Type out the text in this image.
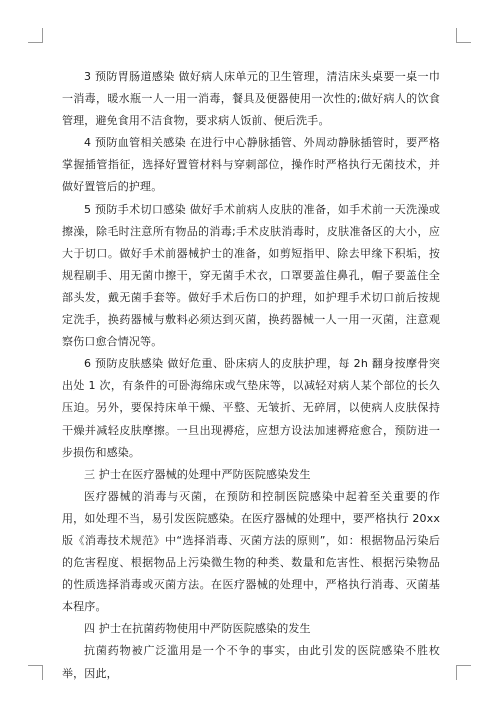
3 预防胃肠道感染 做好病人床单元的卫生管理，清洁床头桌要一桌一巾一消毒，暖水瓶一人一用一消毒，餐具及便器使用一次性的;做好病人的饮食管理，避免食用不洁食物，要求病人饭前、便后洗手。

4 预防血管相关感染 在进行中心静脉插管、外周动静脉插管时，要严格掌握插管指征，选择好置管材料与穿刺部位，操作时严格执行无菌技术，并做好置管后的护理。

5 预防手术切口感染 做好手术前病人皮肤的准备，如手术前一天洗澡或擦澡，除毛时注意所有物品的消毒;手术皮肤消毒时，皮肤准备区的大小，应大于切口。做好手术前器械护士的准备，如剪短指甲、除去甲缘下积垢，按规程刷手、用无菌巾擦干，穿无菌手术衣，口罩要盖住鼻孔，帽子要盖住全部头发，戴无菌手套等。做好手术后伤口的护理，如护理手术切口前后按规定洗手，换药器械与敷料必须达到灭菌，换药器械一人一用一灭菌，注意观察伤口愈合情况等。

6 预防皮肤感染 做好危重、卧床病人的皮肤护理，每 2h 翻身按摩骨突出处 1 次，有条件的可卧海绵床或气垫床等，以减轻对病人某个部位的长久压迫。另外，要保持床单干燥、平整、无皱折、无碎屑，以使病人皮肤保持干燥并减轻皮肤摩擦。一旦出现褥疮，应想方设法加速褥疮愈合，预防进一步损伤和感染。

三 护士在医疗器械的处理中严防医院感染发生

医疗器械的消毒与灭菌，在预防和控制医院感染中起着至关重要的作用，如处理不当，易引发医院感染。在医疗器械的处理中，要严格执行 20xx 版《消毒技术规范》中“选择消毒、灭菌方法的原则”，如：根据物品污染后的危害程度、根据物品上污染微生物的种类、数量和危害性、根据污染物品的性质选择消毒或灭菌方法。在医疗器械的处理中，严格执行消毒、灭菌基本程序。

四 护士在抗菌药物使用中严防医院感染的发生

抗菌药物被广泛滥用是一个不争的事实，由此引发的医院感染不胜枚举，因此，
